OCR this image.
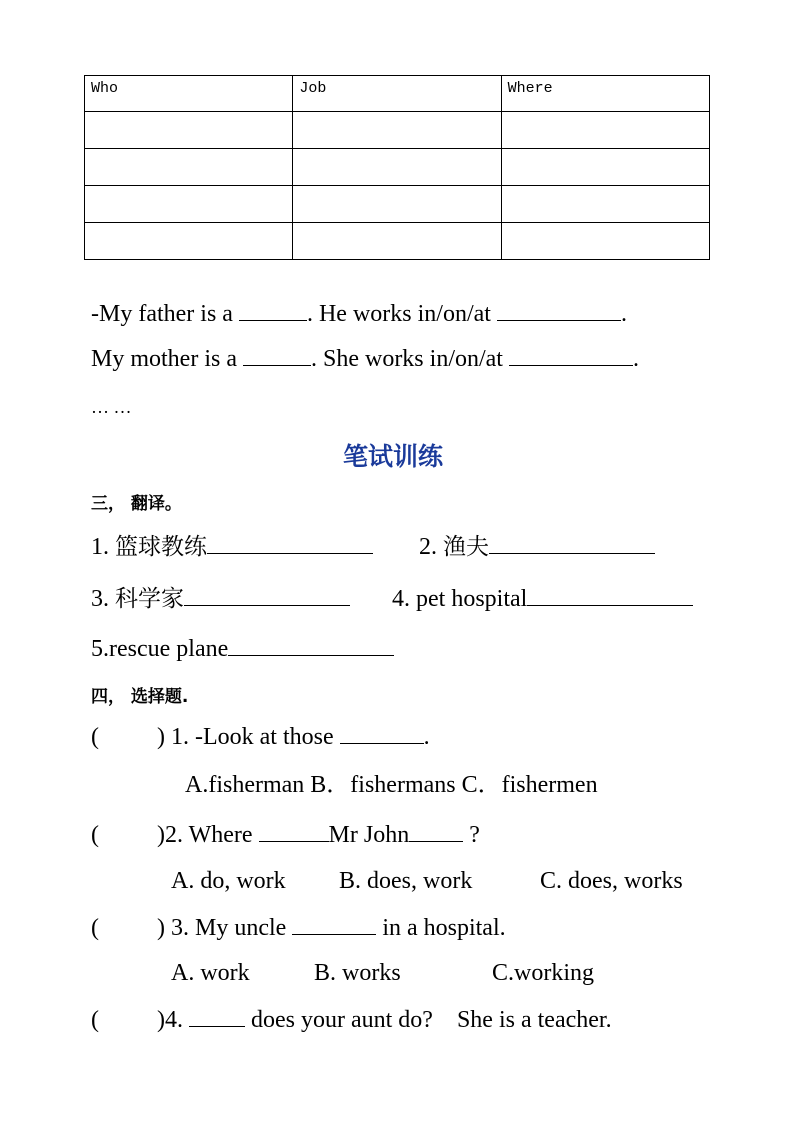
Who	Job	Where

-My father is a	. He works in/on/at	.
My mother is a	. She works in/on/at	.
… …
笔试训练
三， 翻译。
1. 篮球教练	2. 渔夫
3. 科学家	4. pet hospital
5.rescue plane
四， 选择题.
( ) 1. -Look at those	.
A.fisherman B．fishermans C．fishermen
( )2. Where	Mr John ?
A. do, work B. does, work	C. does, works
( ) 3. My uncle	in a hospital.
A. work	B. works	C.working
( )4.  does your aunt do?    She is a teacher.
